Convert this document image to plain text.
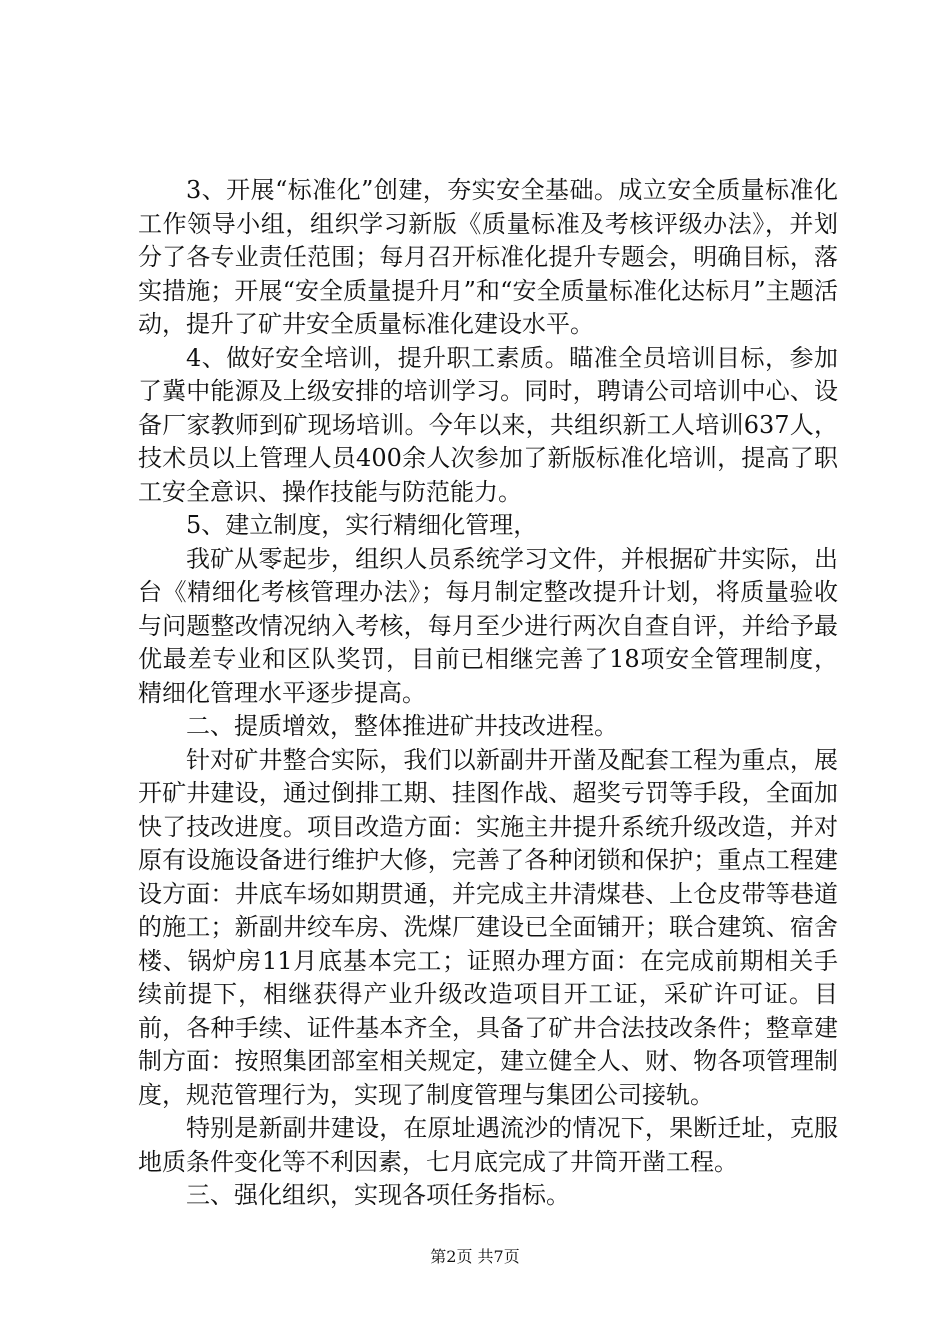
3、开展“标准化”创建，夯实安全基础。成立安全质量标准化工作领导小组，组织学习新版《质量标准及考核评级办法》，并划分了各专业责任范围；每月召开标准化提升专题会，明确目标，落实措施；开展“安全质量提升月”和“安全质量标准化达标月”主题活动，提升了矿井安全质量标准化建设水平。

4、做好安全培训，提升职工素质。瞄准全员培训目标，参加了冀中能源及上级安排的培训学习。同时，聘请公司培训中心、设备厂家教师到矿现场培训。今年以来，共组织新工人培训637人，技术员以上管理人员400余人次参加了新版标准化培训，提高了职工安全意识、操作技能与防范能力。

5、建立制度，实行精细化管理，

我矿从零起步，组织人员系统学习文件，并根据矿井实际，出台《精细化考核管理办法》；每月制定整改提升计划，将质量验收与问题整改情况纳入考核，每月至少进行两次自查自评，并给予最优最差专业和区队奖罚，目前已相继完善了18项安全管理制度，精细化管理水平逐步提高。

二、提质增效，整体推进矿井技改进程。

针对矿井整合实际，我们以新副井开凿及配套工程为重点，展开矿井建设，通过倒排工期、挂图作战、超奖亏罚等手段，全面加快了技改进度。项目改造方面：实施主井提升系统升级改造，并对原有设施设备进行维护大修，完善了各种闭锁和保护；重点工程建设方面：井底车场如期贯通，并完成主井清煤巷、上仓皮带等巷道的施工；新副井绞车房、洗煤厂建设已全面铺开；联合建筑、宿舍楼、锅炉房11月底基本完工；证照办理方面：在完成前期相关手续前提下，相继获得产业升级改造项目开工证，采矿许可证。目前，各种手续、证件基本齐全，具备了矿井合法技改条件；整章建制方面：按照集团部室相关规定，建立健全人、财、物各项管理制度，规范管理行为，实现了制度管理与集团公司接轨。

特别是新副井建设，在原址遇流沙的情况下，果断迁址，克服地质条件变化等不利因素，七月底完成了井筒开凿工程。

三、强化组织，实现各项任务指标。

第2页 共7页
